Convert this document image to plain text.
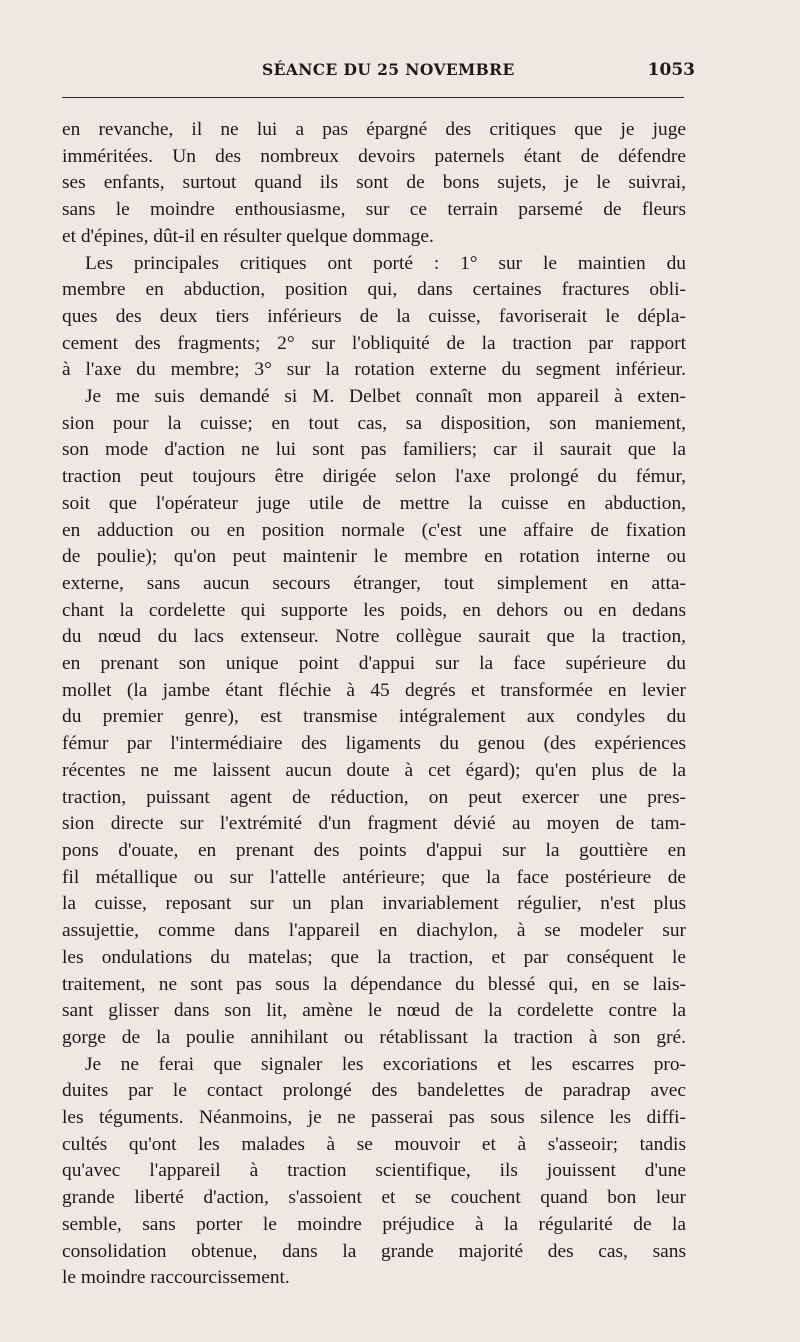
SÉANCE DU 25 NOVEMBRE	1053
en revanche, il ne lui a pas épargné des critiques que je juge
imméritées. Un des nombreux devoirs paternels étant de défendre
ses enfants, surtout quand ils sont de bons sujets, je le suivrai,
sans le moindre enthousiasme, sur ce terrain parsemé de fleurs
et d'épines, dût-il en résulter quelque dommage.
Les principales critiques ont porté : 1° sur le maintien du
membre en abduction, position qui, dans certaines fractures obli-
ques des deux tiers inférieurs de la cuisse, favoriserait le dépla-
cement des fragments; 2° sur l'obliquité de la traction par rapport
à l'axe du membre; 3° sur la rotation externe du segment inférieur.
Je me suis demandé si M. Delbet connaît mon appareil à exten-
sion pour la cuisse; en tout cas, sa disposition, son maniement,
son mode d'action ne lui sont pas familiers; car il saurait que la
traction peut toujours être dirigée selon l'axe prolongé du fémur,
soit que l'opérateur juge utile de mettre la cuisse en abduction,
en adduction ou en position normale (c'est une affaire de fixation
de poulie); qu'on peut maintenir le membre en rotation interne ou
externe, sans aucun secours étranger, tout simplement en atta-
chant la cordelette qui supporte les poids, en dehors ou en dedans
du nœud du lacs extenseur. Notre collègue saurait que la traction,
en prenant son unique point d'appui sur la face supérieure du
mollet (la jambe étant fléchie à 45 degrés et transformée en levier
du premier genre), est transmise intégralement aux condyles du
fémur par l'intermédiaire des ligaments du genou (des expériences
récentes ne me laissent aucun doute à cet égard); qu'en plus de la
traction, puissant agent de réduction, on peut exercer une pres-
sion directe sur l'extrémité d'un fragment dévié au moyen de tam-
pons d'ouate, en prenant des points d'appui sur la gouttière en
fil métallique ou sur l'attelle antérieure; que la face postérieure de
la cuisse, reposant sur un plan invariablement régulier, n'est plus
assujettie, comme dans l'appareil en diachylon, à se modeler sur
les ondulations du matelas; que la traction, et par conséquent le
traitement, ne sont pas sous la dépendance du blessé qui, en se lais-
sant glisser dans son lit, amène le nœud de la cordelette contre la
gorge de la poulie annihilant ou rétablissant la traction à son gré.
Je ne ferai que signaler les excoriations et les escarres pro-
duites par le contact prolongé des bandelettes de paradrap avec
les téguments. Néanmoins, je ne passerai pas sous silence les diffi-
cultés qu'ont les malades à se mouvoir et à s'asseoir; tandis
qu'avec l'appareil à traction scientifique, ils jouissent d'une
grande liberté d'action, s'assoient et se couchent quand bon leur
semble, sans porter le moindre préjudice à la régularité de la
consolidation obtenue, dans la grande majorité des cas, sans
le moindre raccourcissement.
